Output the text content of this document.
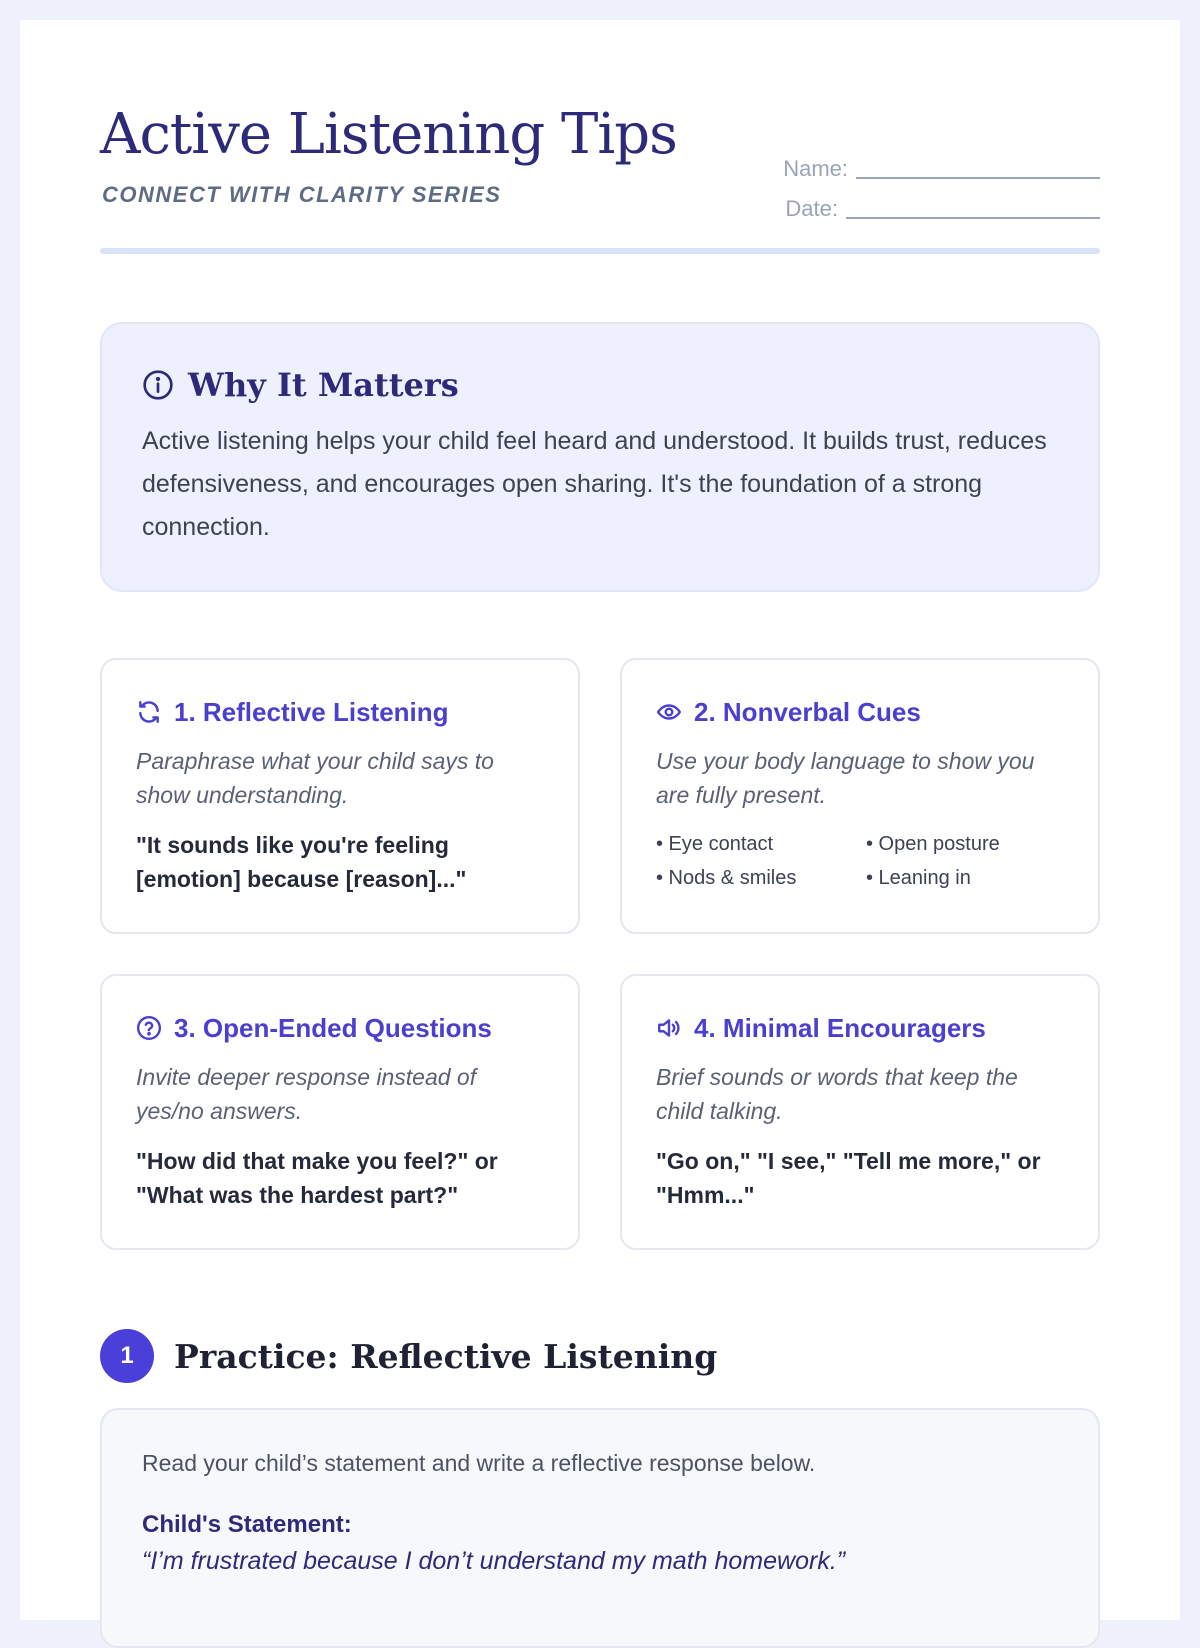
Active Listening Tips
CONNECT WITH CLARITY SERIES
Name:
Date:
Why It Matters

Active listening helps your child feel heard and understood. It builds trust, reduces defensiveness, and encourages open sharing. It's the foundation of a strong connection.

1. Reflective Listening

Paraphrase what your child says to show understanding.

"It sounds like you're feeling [emotion] because [reason]..."

2. Nonverbal Cues

Use your body language to show you are fully present.

• Eye contact	• Open posture
• Nods & smiles	• Leaning in
3. Open-Ended Questions

Invite deeper response instead of yes/no answers.

"How did that make you feel?" or "What was the hardest part?"

4. Minimal Encouragers

Brief sounds or words that keep the child talking.

"Go on," "I see," "Tell me more," or "Hmm..."

1	Practice: Reflective Listening

Read your child’s statement and write a reflective response below.

Child's Statement:

“I’m frustrated because I don’t understand my math homework.”
